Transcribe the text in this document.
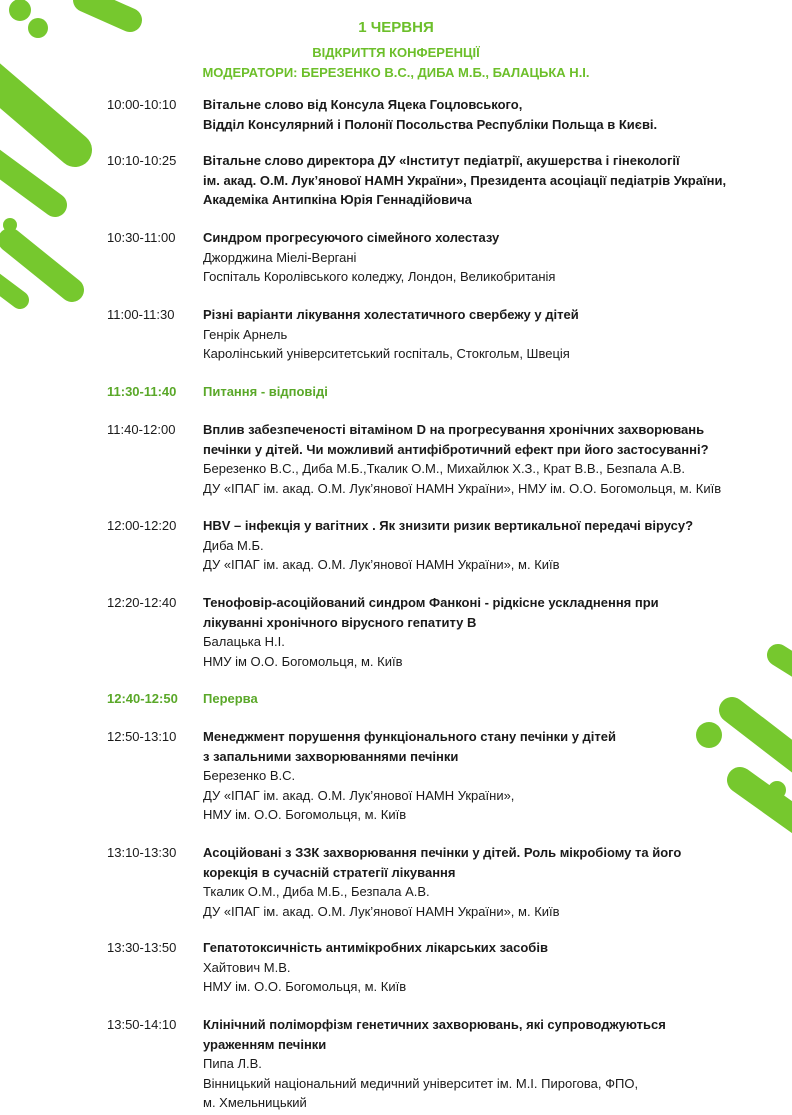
1 ЧЕРВНЯ
ВІДКРИТТЯ КОНФЕРЕНЦІЇ
МОДЕРАТОРИ: БЕРЕЗЕНКО В.С., ДИБА М.Б., БАЛАЦЬКА Н.І.
10:00-10:10	Вітальне слово від Консула Яцека Гоцловського,
Відділ Консулярний і Полонії Посольства Республіки Польща в Києві.
10:10-10:25	Вітальне слово директора ДУ «Інститут педіатрії, акушерства і гінекології
ім. акад. О.М. Лук’янової НАМН України», Президента асоціації педіатрів України,
Академіка Антипкіна Юрія Геннадійовича
10:30-11:00	Синдром прогресуючого сімейного холестазу
Джорджина Міелі-Вергані
Госпіталь Королівського коледжу, Лондон, Великобританія
11:00-11:30	Різні варіанти лікування холестатичного свербежу у дітей
Генрік Арнель
Каролінський університетський госпіталь, Стокгольм, Швеція
11:30-11:40	Питання - відповіді
11:40-12:00	Вплив забезпеченості вітаміном D на прогресування хронічних захворювань
печінки у дітей. Чи можливий антифібротичний ефект при його застосуванні?
Березенко В.С., Диба М.Б.,Ткалик О.М., Михайлюк Х.З., Крат В.В., Безпала А.В.
ДУ «ІПАГ ім. акад. О.М. Лук’янової НАМН України», НМУ ім. О.О. Богомольця, м. Київ
12:00-12:20	HBV – інфекція у вагітних . Як знизити ризик вертикальної передачі вірусу?
Диба М.Б.
ДУ «ІПАГ ім. акад. О.М. Лук’янової НАМН України», м. Київ
12:20-12:40	Тенофовір-асоційований синдром Фанконі - рідкісне ускладнення при
лікуванні хронічного вірусного гепатиту В
Балацька Н.І.
НМУ ім О.О. Богомольця, м. Київ
12:40-12:50	Перерва
12:50-13:10	Менеджмент порушення функціонального стану печінки у дітей
з запальними захворюваннями печінки
Березенко В.С.
ДУ «ІПАГ ім. акад. О.М. Лук’янової НАМН України»,
НМУ ім. О.О. Богомольця, м. Київ
13:10-13:30	Асоційовані з ЗЗК захворювання печінки у дітей. Роль мікробіому та його
корекція в сучасній стратегії лікування
Ткалик О.М., Диба М.Б., Безпала А.В.
ДУ «ІПАГ ім. акад. О.М. Лук’янової НАМН України», м. Київ
13:30-13:50	Гепатотоксичність антимікробних лікарських засобів
Хайтович М.В.
НМУ ім. О.О. Богомольця, м. Київ
13:50-14:10	Клінічний поліморфізм генетичних захворювань, які супроводжуються
ураженням печінки
Пипа Л.В.
Вінницький національний медичний університет ім. М.І. Пирогова, ФПО,
м. Хмельницький
